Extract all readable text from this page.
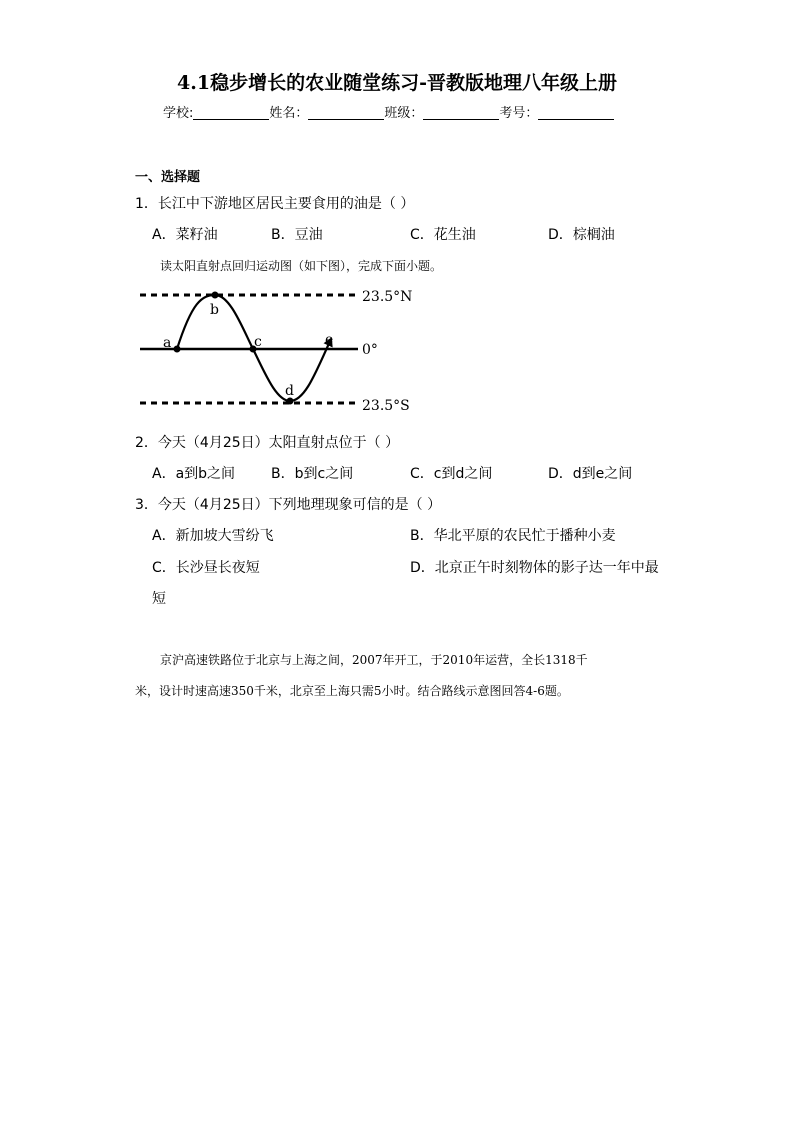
4.1稳步增长的农业随堂练习-晋教版地理八年级上册
学校:	姓名：	班级：	考号：
一、选择题
1．长江中下游地区居民主要食用的油是（ ）
A．菜籽油	B．豆油	C．花生油	D．棕榈油
读太阳直射点回归运动图（如下图），完成下面小题。
a
b
c
d
e
23.5°N
0°
23.5°S
2．今天（4月25日）太阳直射点位于（ ）
A．a到b之间	B．b到c之间	C．c到d之间	D．d到e之间
3．今天（4月25日）下列地理现象可信的是（ ）
A．新加坡大雪纷飞	B．华北平原的农民忙于播种小麦
C．长沙昼长夜短	D．北京正午时刻物体的影子达一年中最
短
京沪高速铁路位于北京与上海之间，2007年开工，于2010年运营，全长1318千
米，设计时速高速350千米，北京至上海只需5小时。结合路线示意图回答4-6题。
